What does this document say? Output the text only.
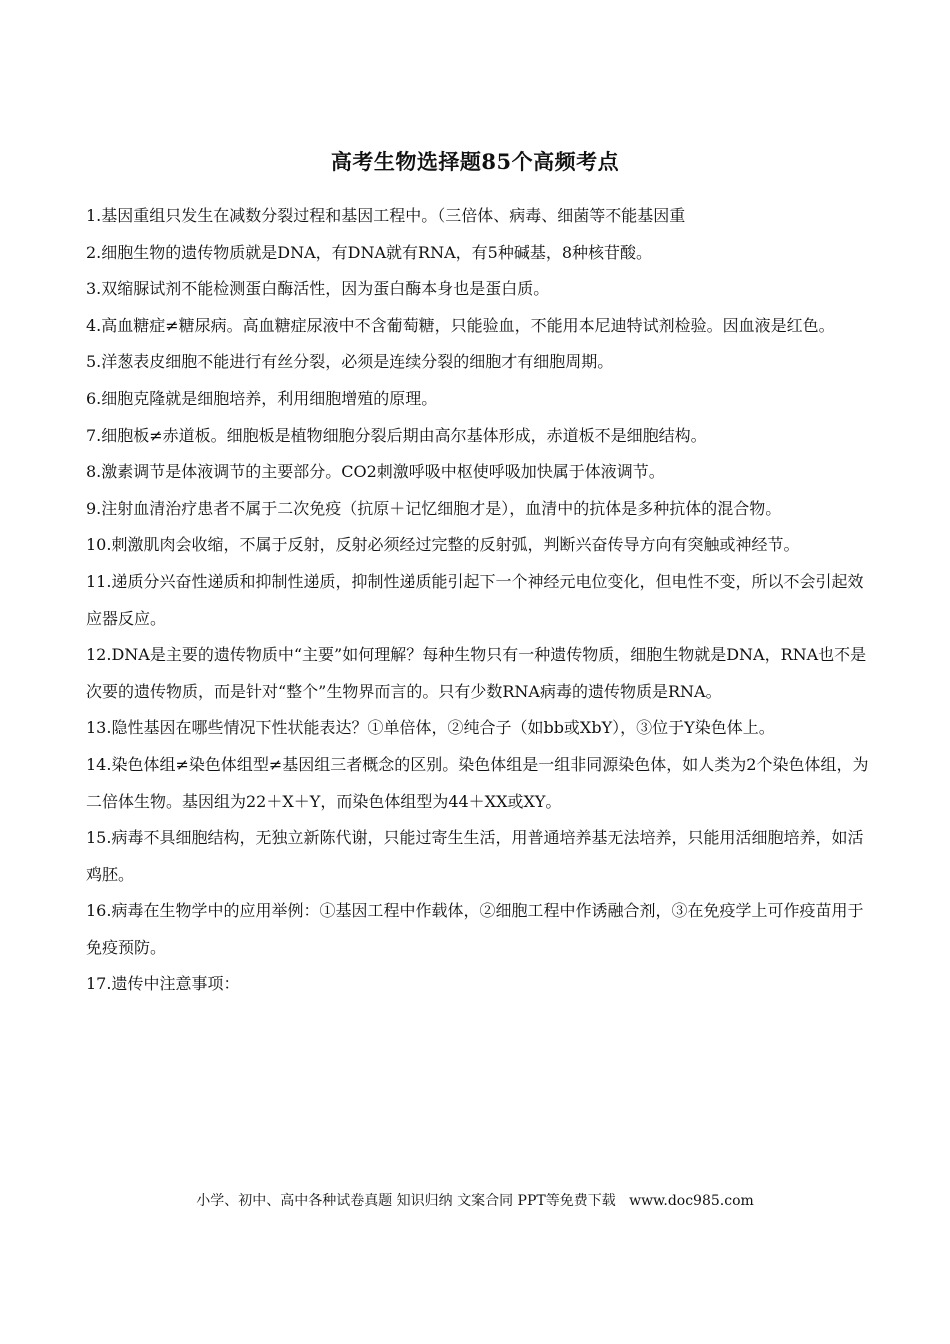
高考生物选择题85个高频考点

1.基因重组只发生在减数分裂过程和基因工程中。（三倍体、病毒、细菌等不能基因重

2.细胞生物的遗传物质就是DNA，有DNA就有RNA，有5种碱基，8种核苷酸。

3.双缩脲试剂不能检测蛋白酶活性，因为蛋白酶本身也是蛋白质。

4.高血糖症≠糖尿病。高血糖症尿液中不含葡萄糖，只能验血，不能用本尼迪特试剂检验。因血液是红色。

5.洋葱表皮细胞不能进行有丝分裂，必须是连续分裂的细胞才有细胞周期。

6.细胞克隆就是细胞培养，利用细胞增殖的原理。

7.细胞板≠赤道板。细胞板是植物细胞分裂后期由高尔基体形成，赤道板不是细胞结构。

8.激素调节是体液调节的主要部分。CO2刺激呼吸中枢使呼吸加快属于体液调节。

9.注射血清治疗患者不属于二次免疫（抗原＋记忆细胞才是），血清中的抗体是多种抗体的混合物。

10.刺激肌肉会收缩，不属于反射，反射必须经过完整的反射弧，判断兴奋传导方向有突触或神经节。

11.递质分兴奋性递质和抑制性递质，抑制性递质能引起下一个神经元电位变化，但电性不变，所以不会引起效应器反应。

12.DNA是主要的遗传物质中“主要”如何理解？每种生物只有一种遗传物质，细胞生物就是DNA，RNA也不是次要的遗传物质，而是针对“整个”生物界而言的。只有少数RNA病毒的遗传物质是RNA。

13.隐性基因在哪些情况下性状能表达？①单倍体，②纯合子（如bb或XbY），③位于Y染色体上。

14.染色体组≠染色体组型≠基因组三者概念的区别。染色体组是一组非同源染色体，如人类为2个染色体组，为二倍体生物。基因组为22＋X＋Y，而染色体组型为44＋XX或XY。

15.病毒不具细胞结构，无独立新陈代谢，只能过寄生生活，用普通培养基无法培养，只能用活细胞培养，如活鸡胚。

16.病毒在生物学中的应用举例：①基因工程中作载体，②细胞工程中作诱融合剂，③在免疫学上可作疫苗用于免疫预防。

17.遗传中注意事项：

小学、初中、高中各种试卷真题 知识归纳 文案合同 PPT等免费下载   www.doc985.com
